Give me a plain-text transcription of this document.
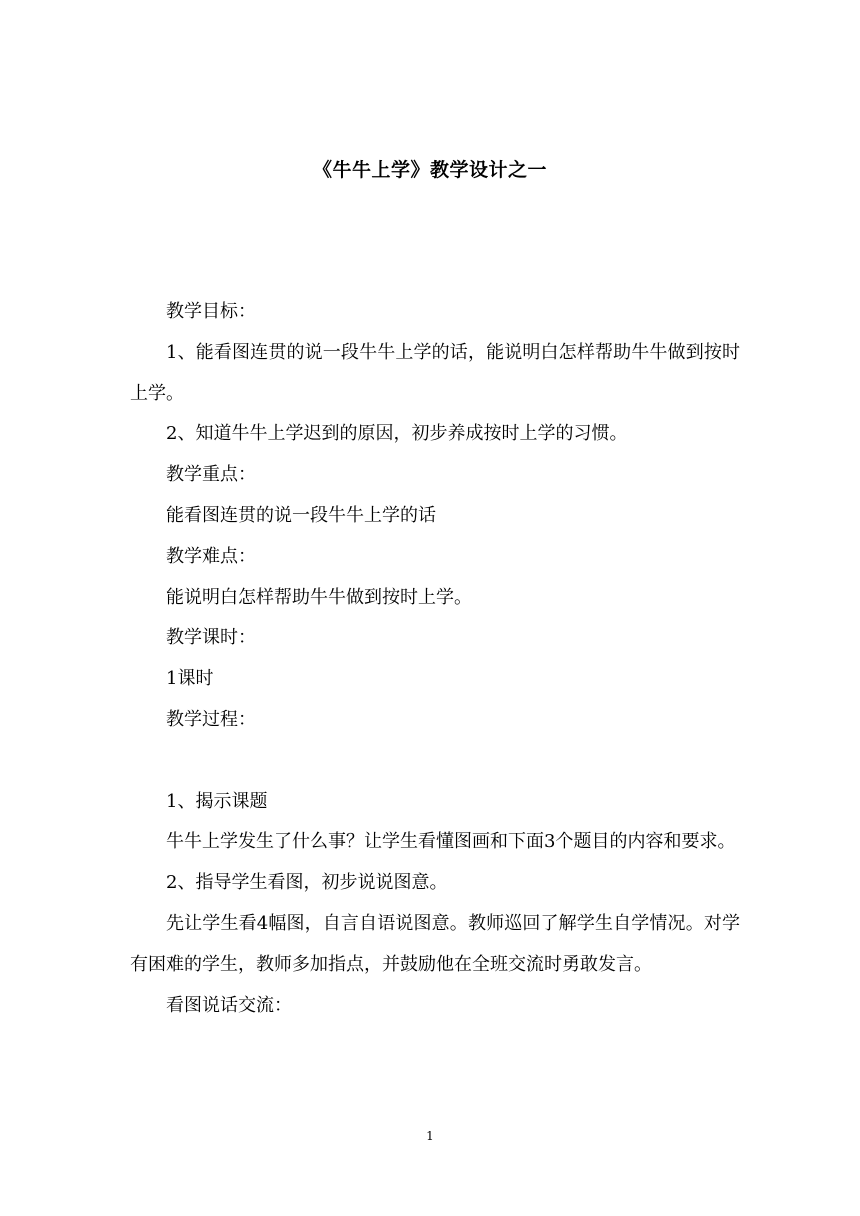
《牛牛上学》教学设计之一

教学目标：

1、能看图连贯的说一段牛牛上学的话，能说明白怎样帮助牛牛做到按时上学。

2、知道牛牛上学迟到的原因，初步养成按时上学的习惯。

教学重点：

能看图连贯的说一段牛牛上学的话

教学难点：

能说明白怎样帮助牛牛做到按时上学。

教学课时：

1课时

教学过程：

1、揭示课题

牛牛上学发生了什么事？让学生看懂图画和下面3个题目的内容和要求。

2、指导学生看图，初步说说图意。

先让学生看4幅图，自言自语说图意。教师巡回了解学生自学情况。对学有困难的学生，教师多加指点，并鼓励他在全班交流时勇敢发言。

看图说话交流：

1
